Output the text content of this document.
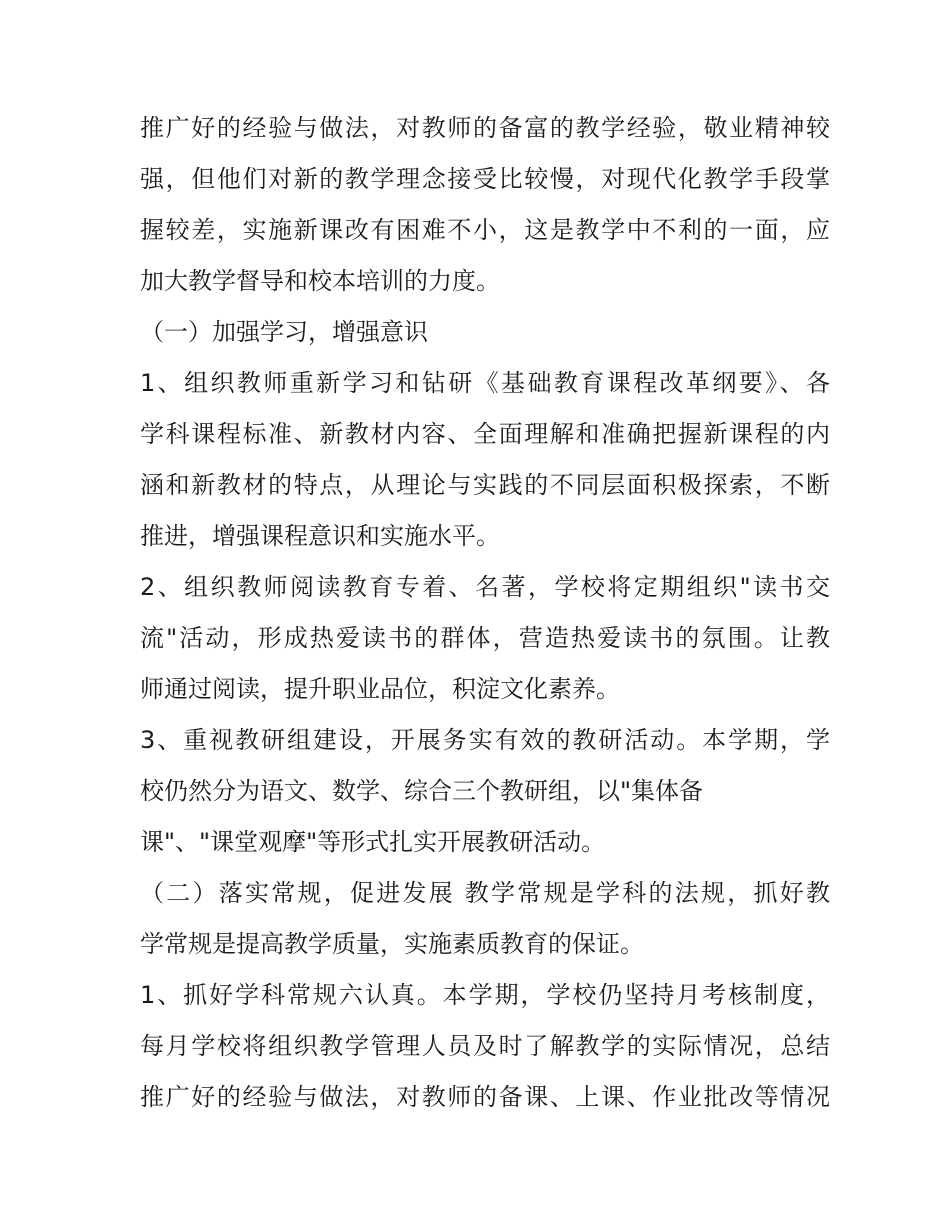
推广好的经验与做法，对教师的备富的教学经验，敬业精神较
强，但他们对新的教学理念接受比较慢，对现代化教学手段掌
握较差，实施新课改有困难不小，这是教学中不利的一面，应
加大教学督导和校本培训的力度。
（一）加强学习，增强意识
1、组织教师重新学习和钻研《基础教育课程改革纲要》、各
学科课程标准、新教材内容、全面理解和准确把握新课程的内
涵和新教材的特点，从理论与实践的不同层面积极探索，不断
推进，增强课程意识和实施水平。
2、组织教师阅读教育专着、名著，学校将定期组织"读书交
流"活动，形成热爱读书的群体，营造热爱读书的氛围。让教
师通过阅读，提升职业品位，积淀文化素养。
3、重视教研组建设，开展务实有效的教研活动。本学期，学
校仍然分为语文、数学、综合三个教研组，以"集体备
课"、"课堂观摩"等形式扎实开展教研活动。
（二）落实常规，促进发展 教学常规是学科的法规，抓好教
学常规是提高教学质量，实施素质教育的保证。
1、抓好学科常规六认真。本学期，学校仍坚持月考核制度，
每月学校将组织教学管理人员及时了解教学的实际情况，总结
推广好的经验与做法，对教师的备课、上课、作业批改等情况
